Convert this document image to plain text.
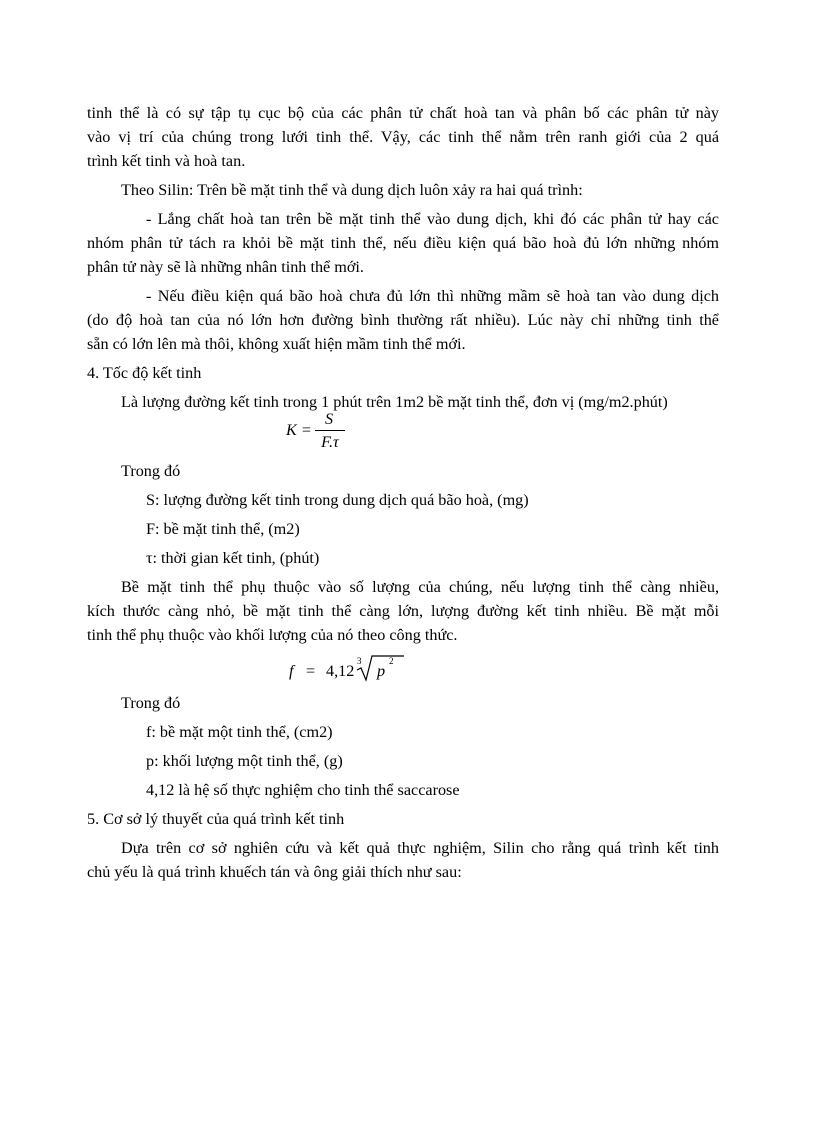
tinh thể là có sự tập tụ cục bộ của các phân tử chất hoà tan và phân bố các phân tử này
vào vị trí của chúng trong lưới tinh thể. Vậy, các tinh thể nằm trên ranh giới của 2 quá
trình kết tinh và hoà tan.
Theo Silin: Trên bề mặt tinh thể và dung dịch luôn xảy ra hai quá trình:
- Lắng chất hoà tan trên bề mặt tinh thể vào dung dịch, khi đó các phân tử hay các
nhóm phân tử tách ra khỏi bề mặt tinh thể, nếu điều kiện quá bão hoà đủ lớn những nhóm
phân tử này sẽ là những nhân tinh thể mới.
- Nếu điều kiện quá bão hoà chưa đủ lớn thì những mầm sẽ hoà tan vào dung dịch
(do độ hoà tan của nó lớn hơn đường bình thường rất nhiều). Lúc này chỉ những tinh thể
sẵn có lớn lên mà thôi, không xuất hiện mầm tinh thể mới.
4. Tốc độ kết tinh
Là lượng đường kết tinh trong 1 phút trên 1m2 bề mặt tinh thể, đơn vị (mg/m2.phút)
K =
S
F.τ
Trong đó
S: lượng đường kết tinh trong dung dịch quá bão hoà, (mg)
F: bề mặt tinh thể, (m2)
τ: thời gian kết tinh, (phút)
Bề mặt tinh thể phụ thuộc vào số lượng của chúng, nếu lượng tinh thể càng nhiều,
kích thước càng nhỏ, bề mặt tinh thể càng lớn, lượng đường kết tinh nhiều. Bề mặt mỗi
tinh thể phụ thuộc vào khối lượng của nó theo công thức.
f = 4,12
3
p
2
Trong đó
f: bề mặt một tinh thể, (cm2)
p: khối lượng một tinh thể, (g)
4,12 là hệ số thực nghiệm cho tinh thể saccarose
5. Cơ sở lý thuyết của quá trình kết tinh
Dựa trên cơ sở nghiên cứu và kết quả thực nghiệm, Silin cho rằng quá trình kết tinh
chủ yếu là quá trình khuếch tán và ông giải thích như sau:
